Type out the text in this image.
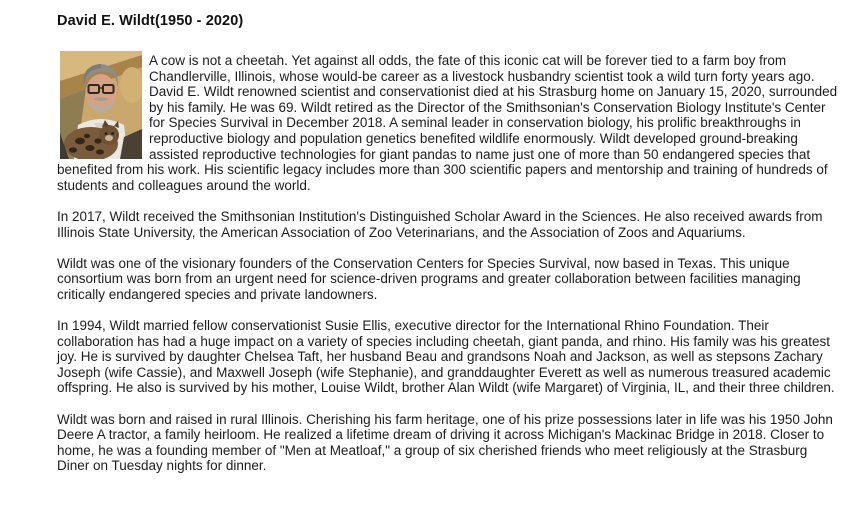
David E. Wildt(1950 - 2020)

A cow is not a cheetah. Yet against all odds, the fate of this iconic cat will be forever tied to a farm boy from Chandlerville, Illinois, whose would-be career as a livestock husbandry scientist took a wild turn forty years ago. David E. Wildt renowned scientist and conservationist died at his Strasburg home on January 15, 2020, surrounded by his family. He was 69. Wildt retired as the Director of the Smithsonian's Conservation Biology Institute's Center for Species Survival in December 2018. A seminal leader in conservation biology, his prolific breakthroughs in reproductive biology and population genetics benefited wildlife enormously. Wildt developed ground-breaking assisted reproductive technologies for giant pandas to name just one of more than 50 endangered species that benefited from his work. His scientific legacy includes more than 300 scientific papers and mentorship and training of hundreds of students and colleagues around the world.

In 2017, Wildt received the Smithsonian Institution's Distinguished Scholar Award in the Sciences. He also received awards from Illinois State University, the American Association of Zoo Veterinarians, and the Association of Zoos and Aquariums.

Wildt was one of the visionary founders of the Conservation Centers for Species Survival, now based in Texas. This unique consortium was born from an urgent need for science-driven programs and greater collaboration between facilities managing critically endangered species and private landowners.

In 1994, Wildt married fellow conservationist Susie Ellis, executive director for the International Rhino Foundation. Their collaboration has had a huge impact on a variety of species including cheetah, giant panda, and rhino. His family was his greatest joy. He is survived by daughter Chelsea Taft, her husband Beau and grandsons Noah and Jackson, as well as stepsons Zachary Joseph (wife Cassie), and Maxwell Joseph (wife Stephanie), and granddaughter Everett as well as numerous treasured academic offspring. He also is survived by his mother, Louise Wildt, brother Alan Wildt (wife Margaret) of Virginia, IL, and their three children.

Wildt was born and raised in rural Illinois. Cherishing his farm heritage, one of his prize possessions later in life was his 1950 John Deere A tractor, a family heirloom. He realized a lifetime dream of driving it across Michigan's Mackinac Bridge in 2018. Closer to home, he was a founding member of "Men at Meatloaf," a group of six cherished friends who meet religiously at the Strasburg Diner on Tuesday nights for dinner.
